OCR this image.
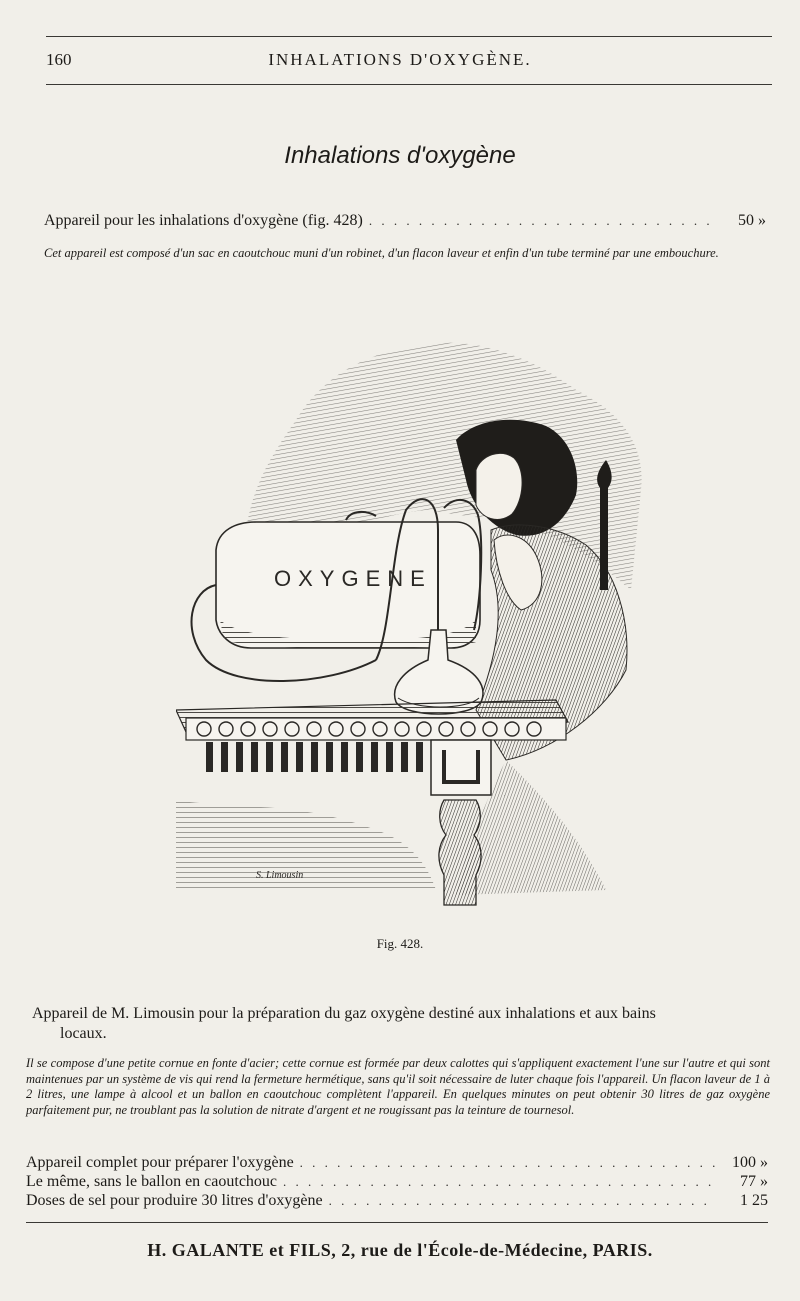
160	INHALATIONS D'OXYGÈNE.
Inhalations d'oxygène
Appareil pour les inhalations d'oxygène (fig. 428) . . .	50 »
Cet appareil est composé d'un sac en caoutchouc muni d'un robinet, d'un flacon laveur et enfin d'un tube terminé par une embouchure.
OXYGENE
S. Limousin
Fig. 428.
Appareil de M. Limousin pour la préparation du gaz oxygène destiné aux inhalations et aux bains
locaux.
Il se compose d'une petite cornue en fonte d'acier; cette cornue est formée par deux calottes qui s'appliquent exactement l'une sur l'autre et qui sont maintenues par un système de vis qui rend la fermeture hermétique, sans qu'il soit nécessaire de luter chaque fois l'appareil. Un flacon laveur de 1 à 2 litres, une lampe à alcool et un ballon en caoutchouc complètent l'appareil. En quelques minutes on peut obtenir 30 litres de gaz oxygène parfaitement pur, ne troublant pas la solution de nitrate d'argent et ne rougissant pas la teinture de tournesol.
Appareil complet pour préparer l'oxygène . . .	100 »
Le même, sans le ballon en caoutchouc . . .	77 »
Doses de sel pour produire 30 litres d'oxygène . . .	1 25
H. GALANTE et FILS, 2, rue de l'École-de-Médecine, PARIS.
